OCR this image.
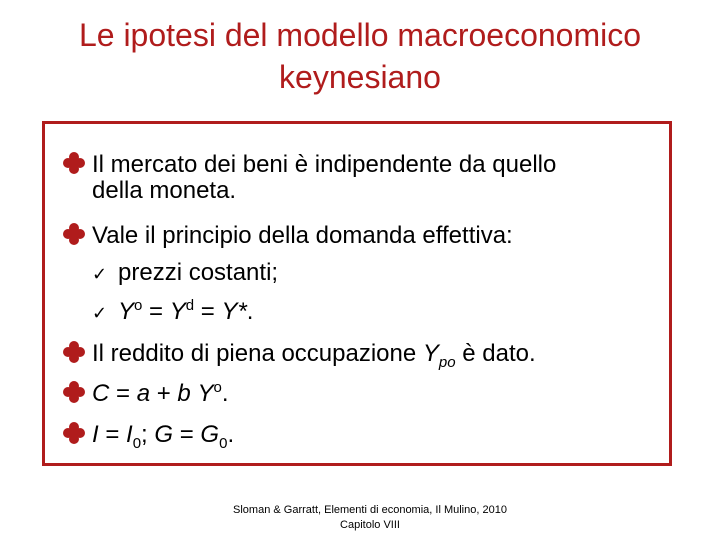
Le ipotesi del modello macroeconomico
keynesiano
Il mercato dei beni è indipendente da quello
della moneta.
Vale il principio della domanda effettiva:
✓ prezzi costanti;
✓ $Y^o = Y^d = Y*$.
Il reddito di piena occupazione $Y_{po}$ è dato.
C = a + b $Y^o$.
$I = I_0$; $G = G_0$.
Sloman & Garratt, Elementi di economia, Il Mulino, 2010
Capitolo VIII
